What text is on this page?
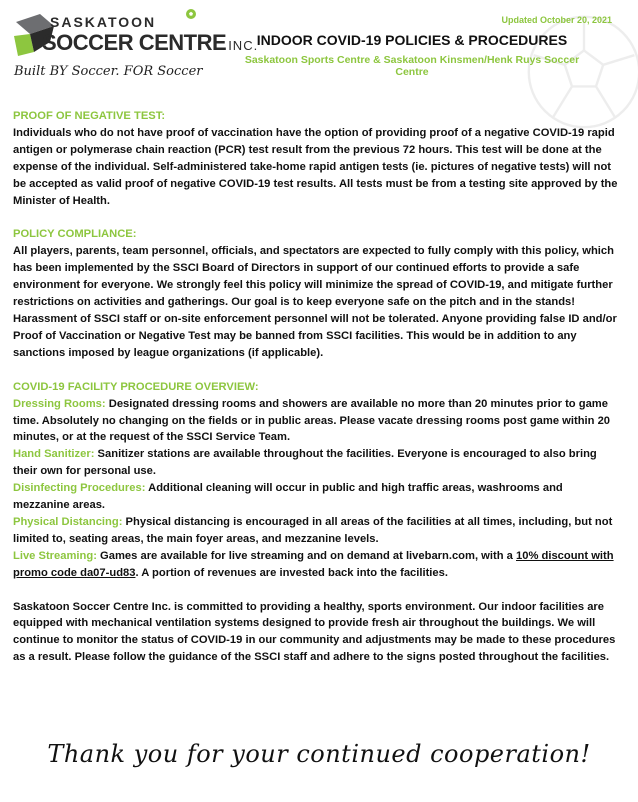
SASKATOON
SOCCER CENTRE INC.
Built BY Soccer. FOR Soccer
Updated October 20, 2021
INDOOR COVID-19 POLICIES & PROCEDURES
Saskatoon Sports Centre & Saskatoon Kinsmen/Henk Ruys Soccer Centre
PROOF OF NEGATIVE TEST:

Individuals who do not have proof of vaccination have the option of providing proof of a negative COVID-19 rapid antigen or polymerase chain reaction (PCR) test result from the previous 72 hours. This test will be done at the expense of the individual. Self-administered take-home rapid antigen tests (ie. pictures of negative tests) will not be accepted as valid proof of negative COVID-19 test results. All tests must be from a testing site approved by the Minister of Health.

POLICY COMPLIANCE:

All players, parents, team personnel, officials, and spectators are expected to fully comply with this policy, which has been implemented by the SSCI Board of Directors in support of our continued efforts to provide a safe environment for everyone. We strongly feel this policy will minimize the spread of COVID-19, and mitigate further restrictions on activities and gatherings. Our goal is to keep everyone safe on the pitch and in the stands! Harassment of SSCI staff or on-site enforcement personnel will not be tolerated. Anyone providing false ID and/or Proof of Vaccination or Negative Test may be banned from SSCI facilities. This would be in addition to any sanctions imposed by league organizations (if applicable).

COVID-19 FACILITY PROCEDURE OVERVIEW:

Dressing Rooms: Designated dressing rooms and showers are available no more than 20 minutes prior to game time. Absolutely no changing on the fields or in public areas. Please vacate dressing rooms post game within 20 minutes, or at the request of the SSCI Service Team.

Hand Sanitizer: Sanitizer stations are available throughout the facilities. Everyone is encouraged to also bring
their own for personal use.

Disinfecting Procedures: Additional cleaning will occur in public and high traffic areas, washrooms and
mezzanine areas.

Physical Distancing: Physical distancing is encouraged in all areas of the facilities at all times, including, but not limited to, seating areas, the main foyer areas, and mezzanine levels.

Live Streaming: Games are available for live streaming and on demand at livebarn.com, with a 10% discount with promo code da07-ud83. A portion of revenues are invested back into the facilities.

Saskatoon Soccer Centre Inc. is committed to providing a healthy, sports environment. Our indoor facilities are equipped with mechanical ventilation systems designed to provide fresh air throughout the buildings. We will continue to monitor the status of COVID-19 in our community and adjustments may be made to these procedures as a result. Please follow the guidance of the SSCI staff and adhere to the signs posted throughout the facilities.

Thank you for your continued cooperation!
